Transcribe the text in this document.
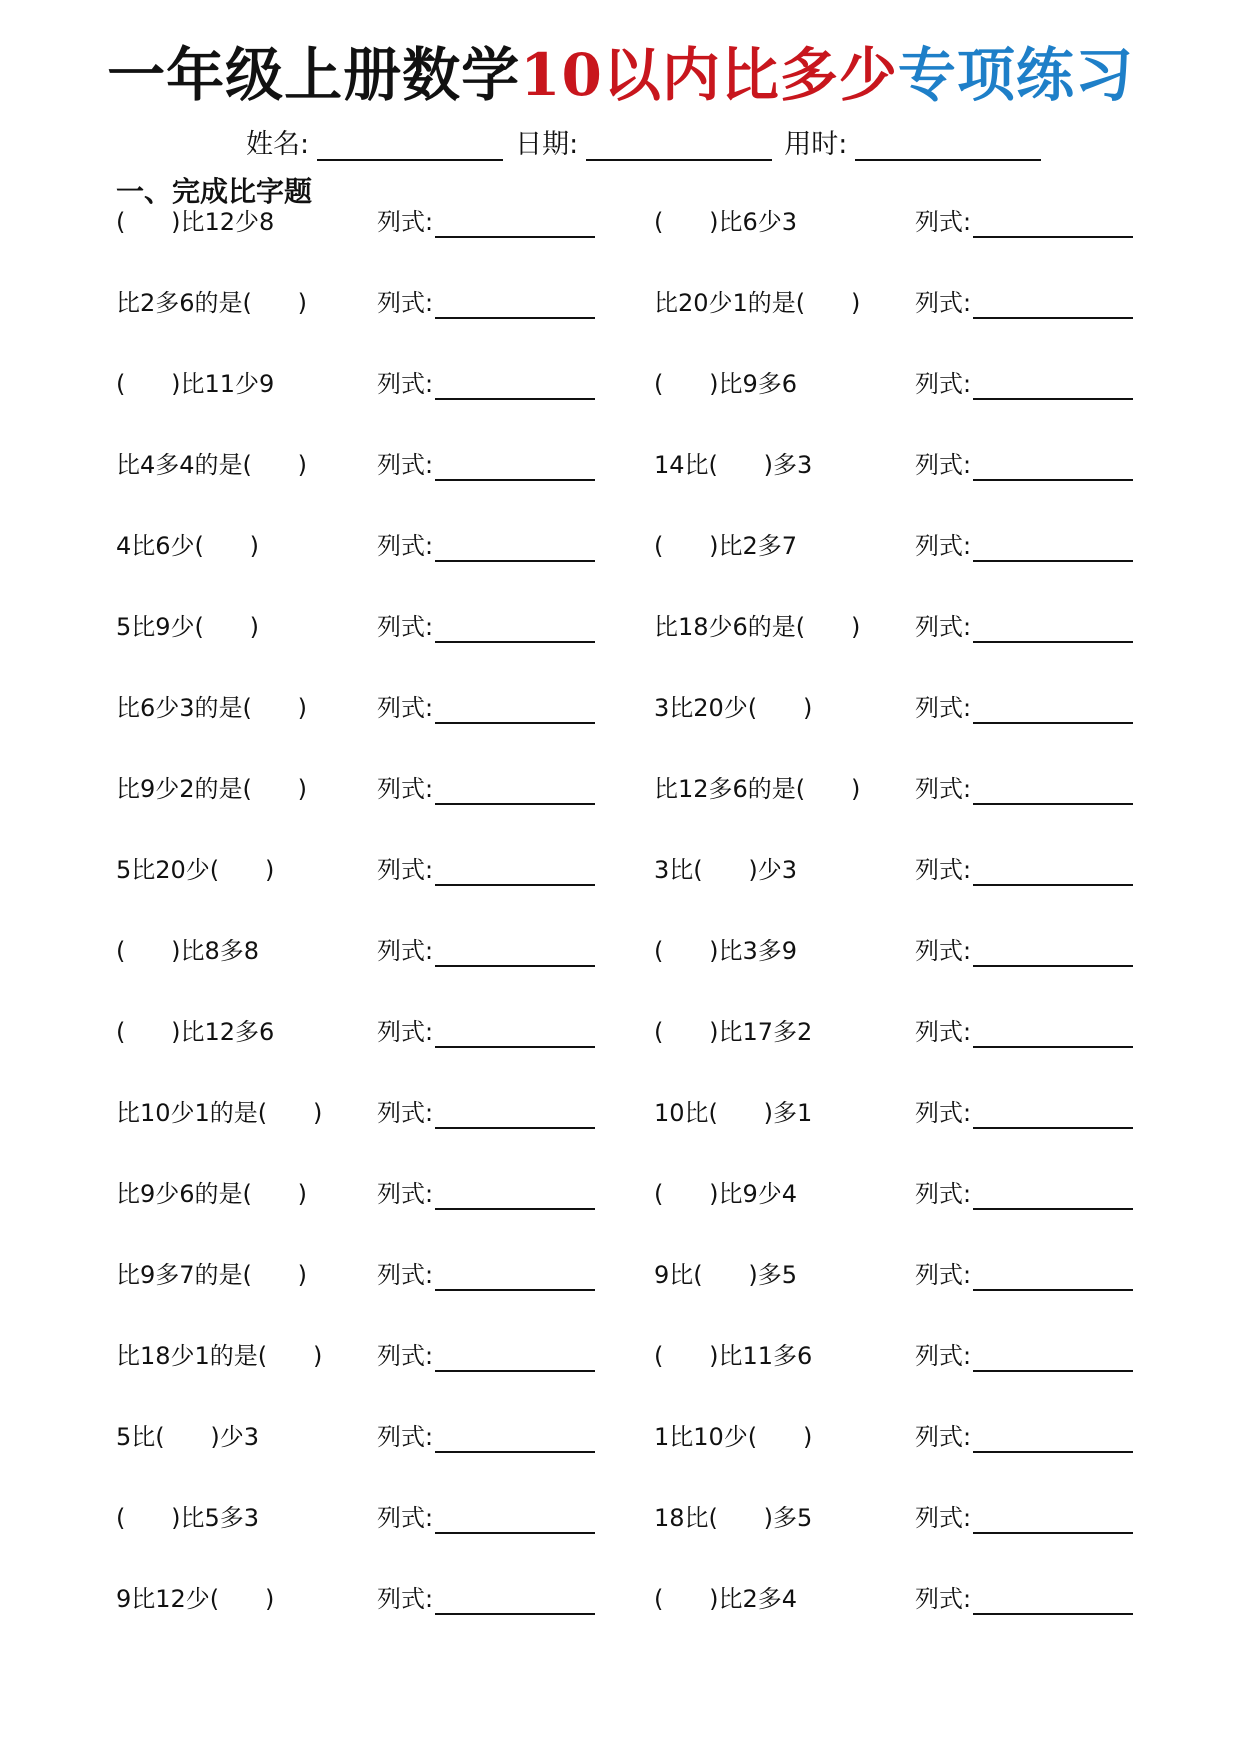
一年级上册数学10以内比多少专项练习
姓名:	日期:	用时:
一、完成比字题
(      )比12少8	列式:	(      )比6少3	列式:
比2多6的是(      )	列式:	比20少1的是(      ) 列式:
(      )比11少9	列式:	(      )比9多6	列式:
比4多4的是(      )	列式:	14比(      )多3	列式:
4比6少(      )	列式:	(      )比2多7	列式:
5比9少(      )	列式:	比18少6的是(      ) 列式:
比6少3的是(      )	列式:	3比20少(      )	列式:
比9少2的是(      )	列式:	比12多6的是(      ) 列式:
5比20少(      )	列式:	3比(      )少3	列式:
(      )比8多8	列式:	(      )比3多9	列式:
(      )比12多6	列式:	(      )比17多2	列式:
比10少1的是(      ) 列式:	10比(      )多1	列式:
比9少6的是(      )	列式:	(      )比9少4	列式:
比9多7的是(      )	列式:	9比(      )多5	列式:
比18少1的是(      ) 列式:	(      )比11多6	列式:
5比(      )少3	列式:	1比10少(      )	列式:
(      )比5多3	列式:	18比(      )多5	列式:
9比12少(      )	列式:	(      )比2多4	列式:
